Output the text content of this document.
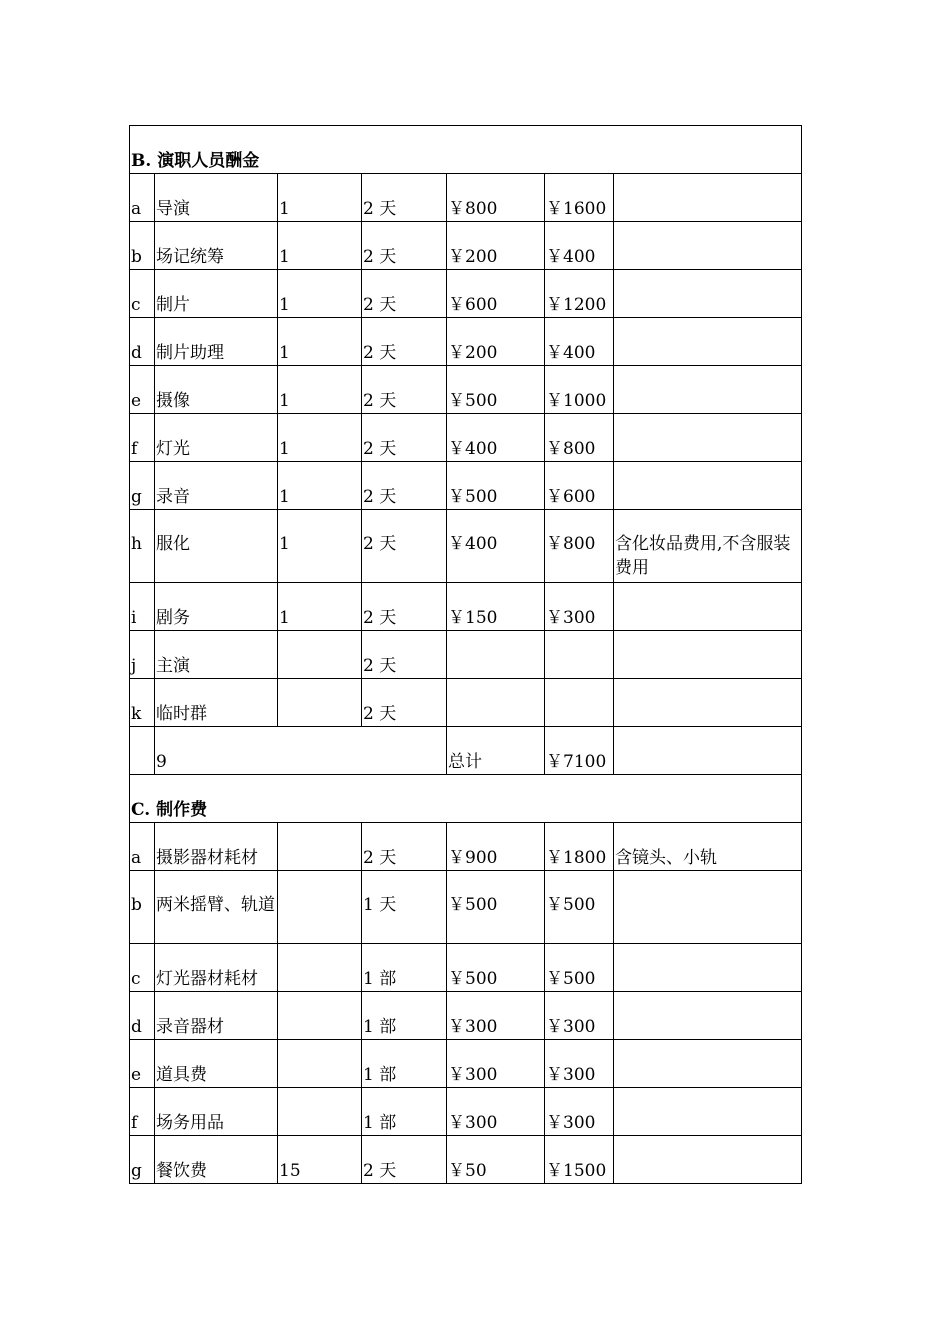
B. 演职人员酬金						
a	导演	1	2 天	￥800	￥1600	
b	场记统筹	1	2 天	￥200	￥400	
c	制片	1	2 天	￥600	￥1200	
d	制片助理	1	2 天	￥200	￥400	
e	摄像	1	2 天	￥500	￥1000	
f	灯光	1	2 天	￥400	￥800	
g	录音	1	2 天	￥500	￥600	
h	服化	1	2 天	￥400	￥800	含化妆品费用,不含服装费用
i	剧务	1	2 天	￥150	￥300	
j	主演		2 天			
k	临时群		2 天			
	9			总计	￥7100	
C. 制作费						
a	摄影器材耗材		2 天	￥900	￥1800	含镜头、小轨
b	两米摇臂、轨道		1 天	￥500	￥500	
c	灯光器材耗材		1 部	￥500	￥500	
d	录音器材		1 部	￥300	￥300	
e	道具费		1 部	￥300	￥300	
f	场务用品		1 部	￥300	￥300	
g	餐饮费	15	2 天	￥50	￥1500	
